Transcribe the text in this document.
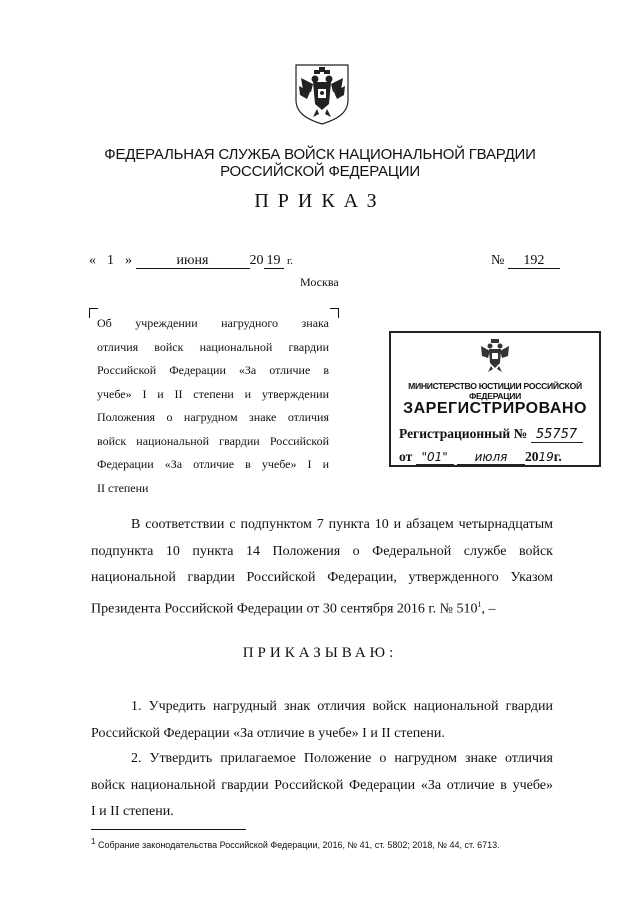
ФЕДЕРАЛЬНАЯ СЛУЖБА ВОЙСК НАЦИОНАЛЬНОЙ ГВАРДИИ
РОССИЙСКОЙ ФЕДЕРАЦИИ
ПРИКАЗ
« 1 »	июня	20 19 г.	№ 192
Москва
Об учреждении нагрудного знака
отличия войск национальной гвардии
Российской Федерации «За отличие в
учебе» I и II степени и утверждении
Положения о нагрудном знаке отличия
войск национальной гвардии Российской
Федерации «За отличие в учебе» I и
II степени
МИНИСТЕРСТВО ЮСТИЦИИ РОССИЙСКОЙ ФЕДЕРАЦИИ
ЗАРЕГИСТРИРОВАНО
Регистрационный № 55757
от "01" июля 2019г.
В соответствии с подпунктом 7 пункта 10 и абзацем четырнадцатым
подпункта 10 пункта 14 Положения о Федеральной службе войск
национальной гвардии Российской Федерации, утвержденного Указом
Президента Российской Федерации от 30 сентября 2016 г. № $510^1$, –
ПРИКАЗЫВАЮ:
1. Учредить нагрудный знак отличия войск национальной гвардии
Российской Федерации «За отличие в учебе» I и II степени.
2. Утвердить прилагаемое Положение о нагрудном знаке отличия
войск национальной гвардии Российской Федерации «За отличие в учебе»
I и II степени.
$^1$ Собрание законодательства Российской Федерации, 2016, № 41, ст. 5802; 2018, № 44, ст. 6713.
